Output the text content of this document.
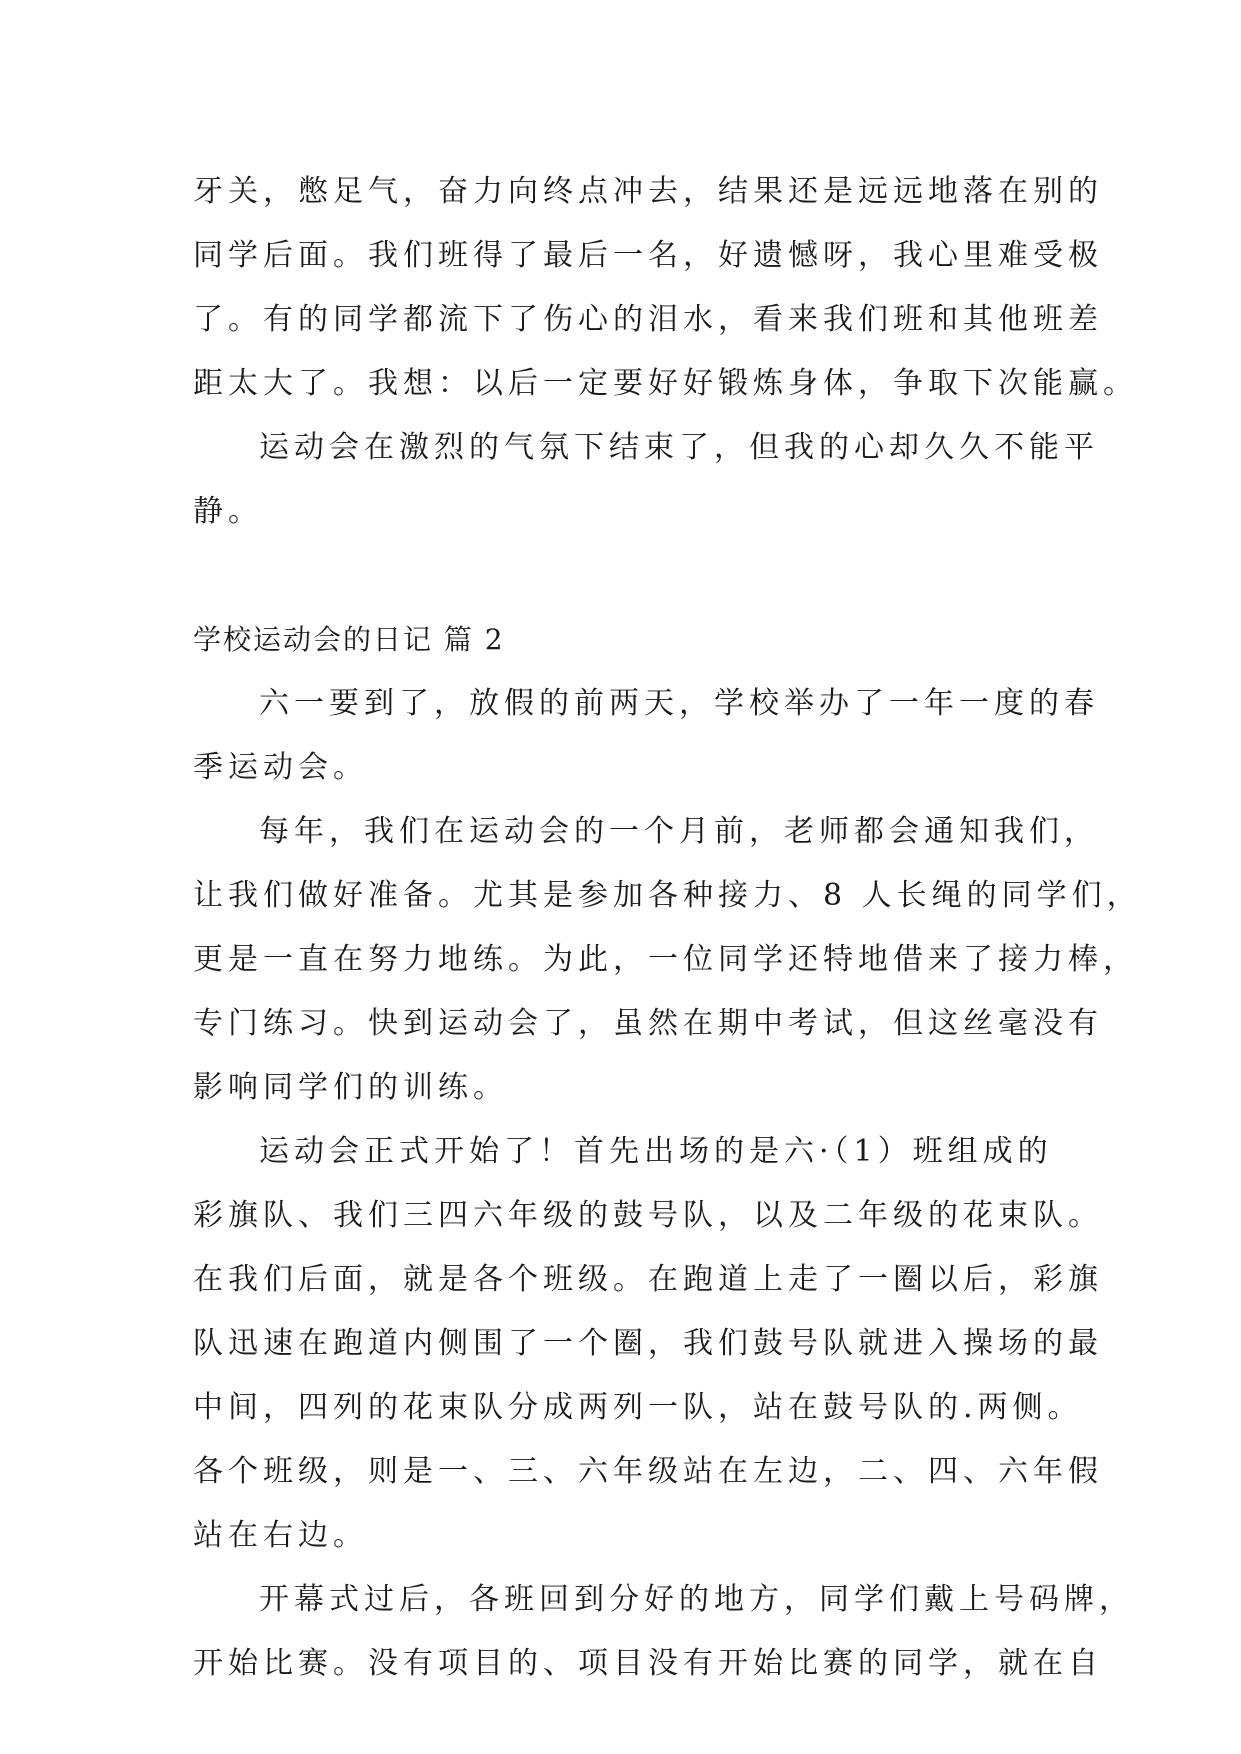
牙关，憋足气，奋力向终点冲去，结果还是远远地落在别的
同学后面。我们班得了最后一名，好遗憾呀，我心里难受极
了。有的同学都流下了伤心的泪水，看来我们班和其他班差
距太大了。我想：以后一定要好好锻炼身体，争取下次能赢。
运动会在激烈的气氛下结束了，但我的心却久久不能平
静。
学校运动会的日记 篇 2
六一要到了，放假的前两天，学校举办了一年一度的春
季运动会。
每年，我们在运动会的一个月前，老师都会通知我们，
让我们做好准备。尤其是参加各种接力、8 人长绳的同学们，
更是一直在努力地练。为此，一位同学还特地借来了接力棒，
专门练习。快到运动会了，虽然在期中考试，但这丝毫没有
影响同学们的训练。
运动会正式开始了！首先出场的是六·（1）班组成的
彩旗队、我们三四六年级的鼓号队，以及二年级的花束队。
在我们后面，就是各个班级。在跑道上走了一圈以后，彩旗
队迅速在跑道内侧围了一个圈，我们鼓号队就进入操场的最
中间，四列的花束队分成两列一队，站在鼓号队的.两侧。
各个班级，则是一、三、六年级站在左边，二、四、六年假
站在右边。
开幕式过后，各班回到分好的地方，同学们戴上号码牌，
开始比赛。没有项目的、项目没有开始比赛的同学，就在自
